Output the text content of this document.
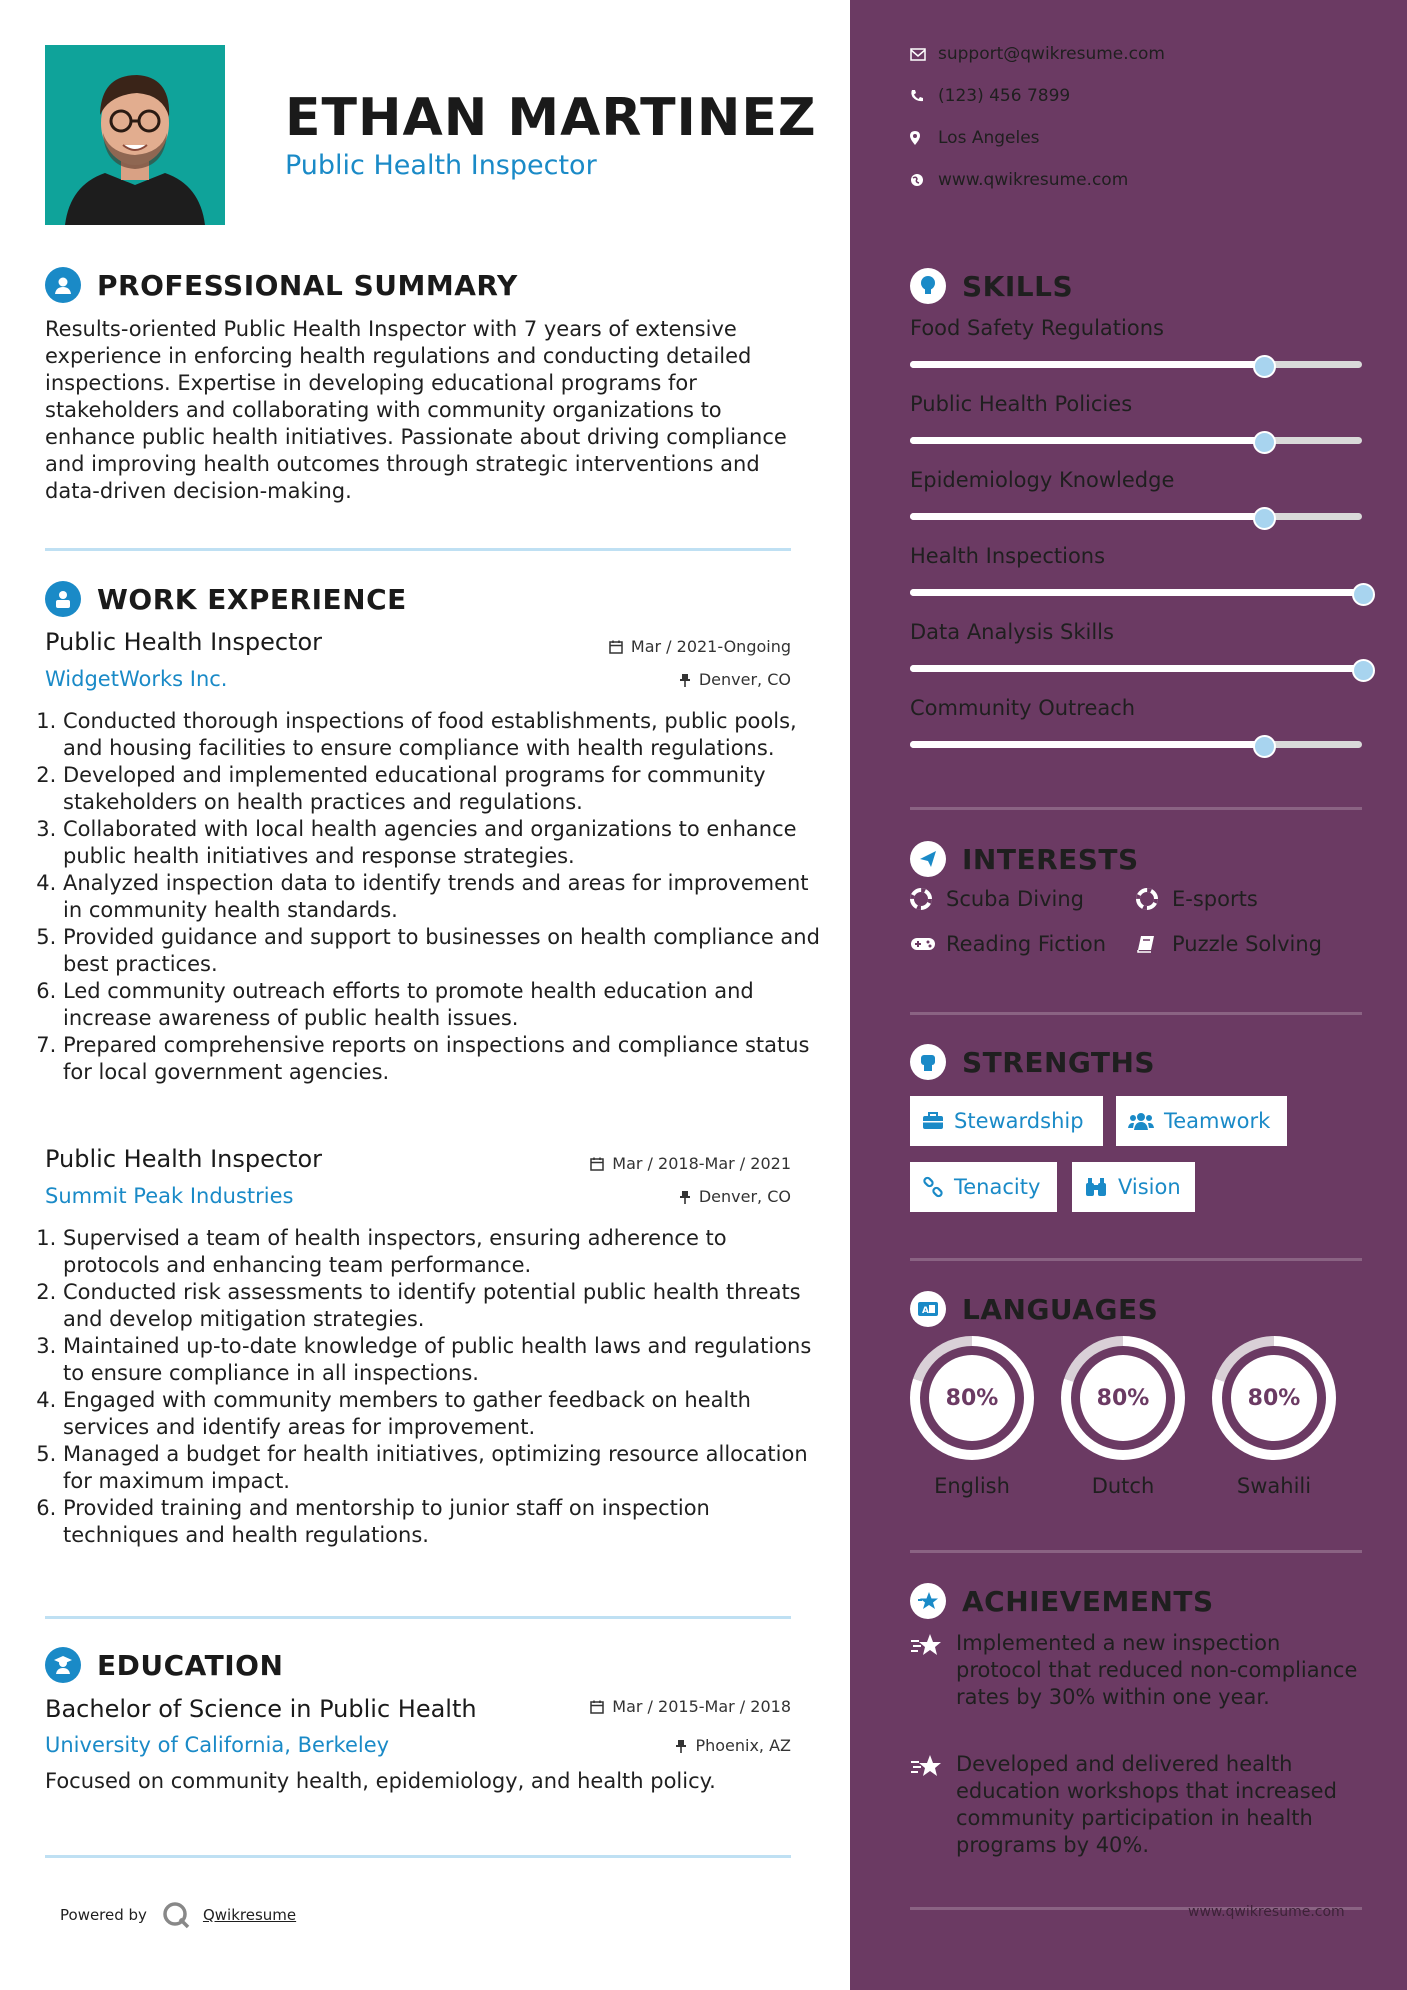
ETHAN MARTINEZ
Public Health Inspector
PROFESSIONAL SUMMARY
Results-oriented Public Health Inspector with 7 years of extensive experience in enforcing health regulations and conducting detailed inspections. Expertise in developing educational programs for stakeholders and collaborating with community organizations to enhance public health initiatives. Passionate about driving compliance and improving health outcomes through strategic interventions and data-driven decision-making.
WORK EXPERIENCE
Public Health Inspector	Mar / 2021-Ongoing
WidgetWorks Inc.	Denver, CO
1. Conducted thorough inspections of food establishments, public pools, and housing facilities to ensure compliance with health regulations.
2. Developed and implemented educational programs for community stakeholders on health practices and regulations.
3. Collaborated with local health agencies and organizations to enhance public health initiatives and response strategies.
4. Analyzed inspection data to identify trends and areas for improvement in community health standards.
5. Provided guidance and support to businesses on health compliance and best practices.
6. Led community outreach efforts to promote health education and increase awareness of public health issues.
7. Prepared comprehensive reports on inspections and compliance status for local government agencies.
Public Health Inspector	Mar / 2018-Mar / 2021
Summit Peak Industries	Denver, CO
1. Supervised a team of health inspectors, ensuring adherence to protocols and enhancing team performance.
2. Conducted risk assessments to identify potential public health threats and develop mitigation strategies.
3. Maintained up-to-date knowledge of public health laws and regulations to ensure compliance in all inspections.
4. Engaged with community members to gather feedback on health services and identify areas for improvement.
5. Managed a budget for health initiatives, optimizing resource allocation for maximum impact.
6. Provided training and mentorship to junior staff on inspection techniques and health regulations.
EDUCATION
Bachelor of Science in Public Health	Mar / 2015-Mar / 2018
University of California, Berkeley	Phoenix, AZ
Focused on community health, epidemiology, and health policy.
Powered by	Qwikresume
support@qwikresume.com
(123) 456 7899
Los Angeles
www.qwikresume.com
SKILLS
Food Safety Regulations
Public Health Policies
Epidemiology Knowledge
Health Inspections
Data Analysis Skills
Community Outreach
INTERESTS
Scuba Diving	E-sports
Reading Fiction	Puzzle Solving
STRENGTHS
Stewardship	Teamwork
Tenacity	Vision
A LANGUAGES
80%
English
80%
Dutch
80%
Swahili
ACHIEVEMENTS
Implemented a new inspection protocol that reduced non-compliance rates by 30% within one year.
Developed and delivered health education workshops that increased community participation in health programs by 40%.
www.qwikresume.com
